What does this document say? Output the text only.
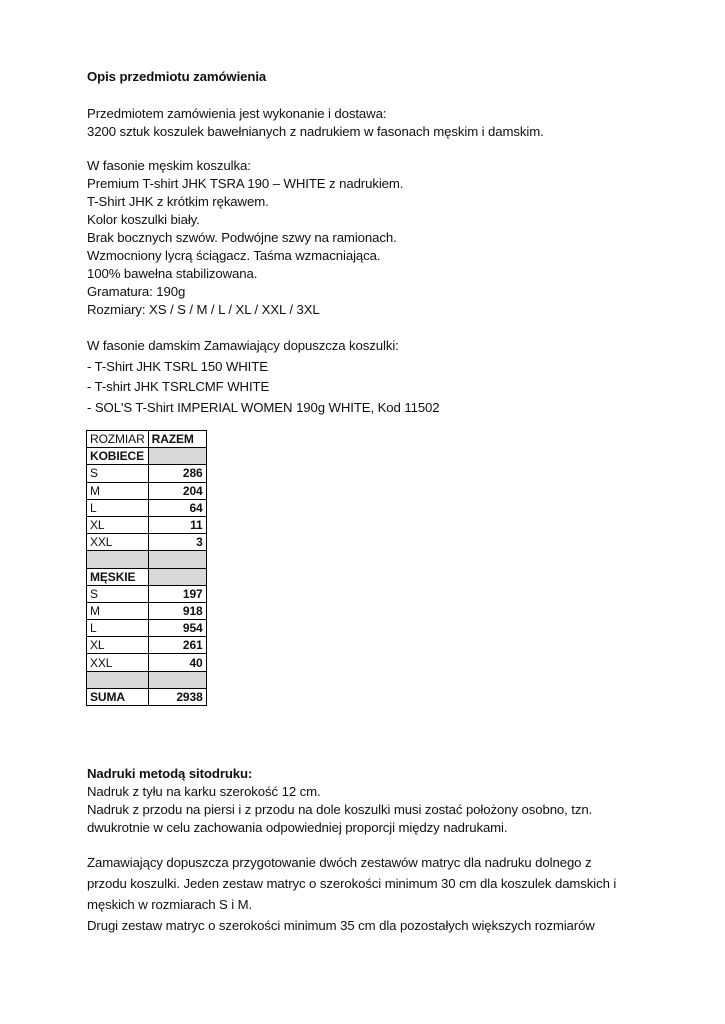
Opis przedmiotu zamówienia
Przedmiotem zamówienia jest wykonanie i dostawa:
3200 sztuk koszulek bawełnianych z nadrukiem w fasonach męskim i damskim.
W fasonie męskim koszulka:
Premium T-shirt JHK TSRA 190 – WHITE z nadrukiem.
T-Shirt JHK z krótkim rękawem.
Kolor koszulki biały.
Brak bocznych szwów. Podwójne szwy na ramionach.
Wzmocniony lycrą ściągacz. Taśma wzmacniająca.
100% bawełna stabilizowana.
Gramatura: 190g
Rozmiary: XS / S / M / L / XL / XXL / 3XL
W fasonie damskim Zamawiający dopuszcza koszulki:
- T-Shirt JHK TSRL 150 WHITE
- T-shirt JHK TSRLCMF WHITE
- SOL'S T-Shirt IMPERIAL WOMEN 190g WHITE, Kod 11502
ROZMIAR	RAZEM
KOBIECE	
S	286
M	204
L	64
XL	11
XXL	3

MĘSKIE	
S	197
M	918
L	954
XL	261
XXL	40

SUMA	2938
Nadruki metodą sitodruku:
Nadruk z tyłu na karku szerokość 12 cm.
Nadruk z przodu na piersi i z przodu na dole koszulki musi zostać położony osobno, tzn.
dwukrotnie w celu zachowania odpowiedniej proporcji między nadrukami.
Zamawiający dopuszcza przygotowanie dwóch zestawów matryc dla nadruku dolnego z
przodu koszulki. Jeden zestaw matryc o szerokości minimum 30 cm dla koszulek damskich i
męskich w rozmiarach S i M.
Drugi zestaw matryc o szerokości minimum 35 cm dla pozostałych większych rozmiarów
